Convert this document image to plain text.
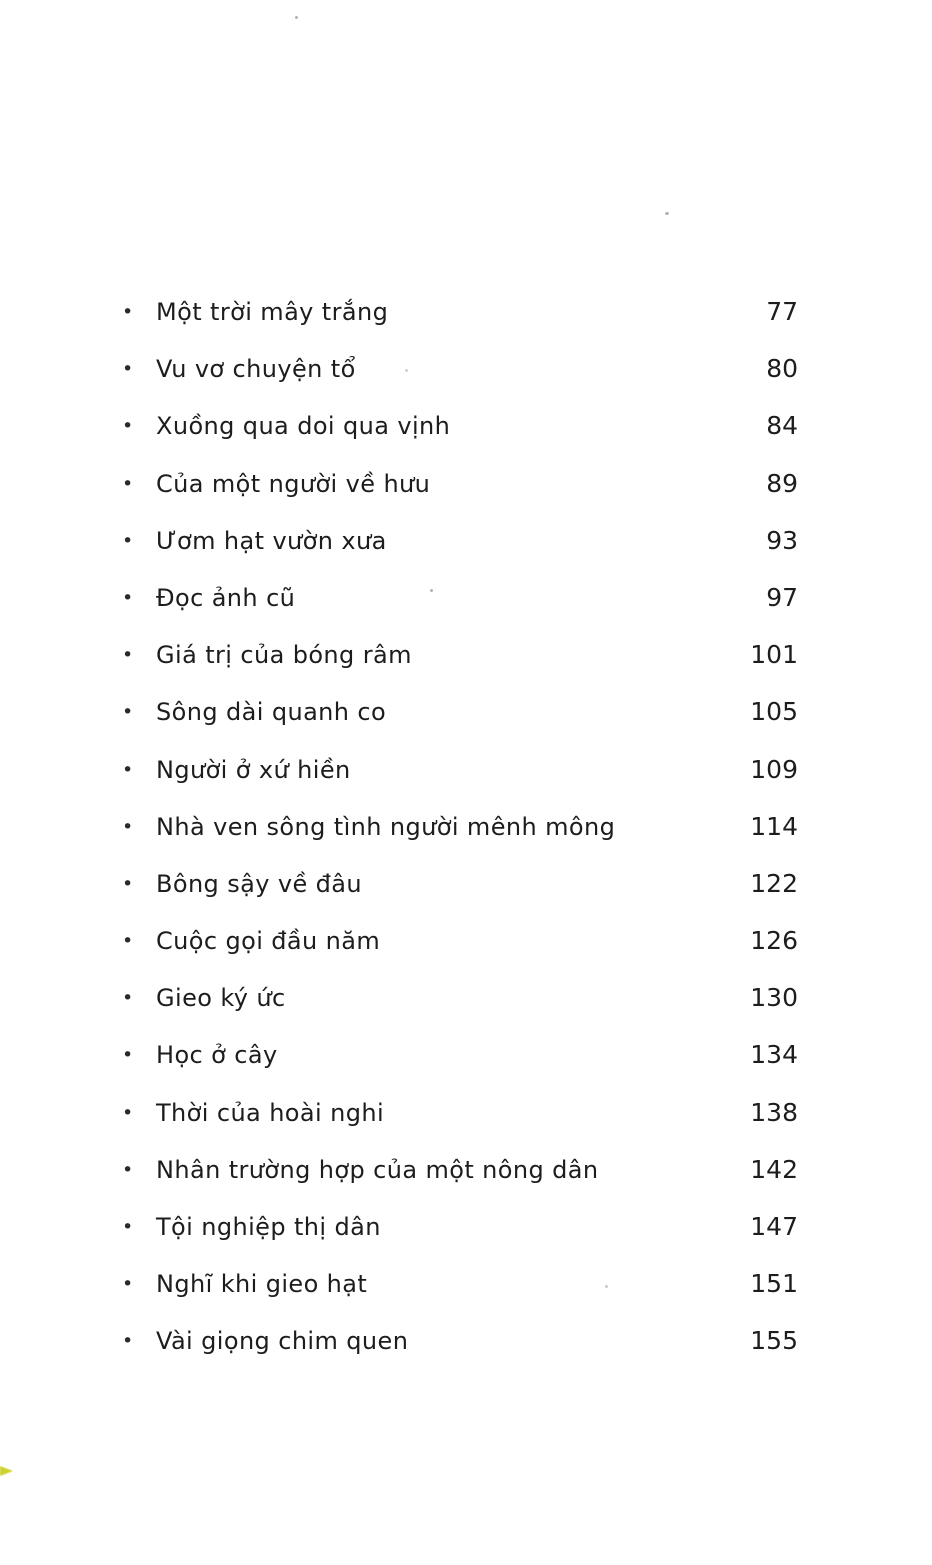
• Một trời mây trắng	77
• Vu vơ chuyện tổ	80
• Xuồng qua doi qua vịnh	84
• Của một người về hưu	89
• Ươm hạt vườn xưa	93
• Đọc ảnh cũ	97
• Giá trị của bóng râm	101
• Sông dài quanh co	105
• Người ở xứ hiền	109
• Nhà ven sông tình người mênh mông	114
• Bông sậy về đâu	122
• Cuộc gọi đầu năm	126
• Gieo ký ức	130
• Học ở cây	134
• Thời của hoài nghi	138
• Nhân trường hợp của một nông dân	142
• Tội nghiệp thị dân	147
• Nghĩ khi gieo hạt	151
• Vài giọng chim quen	155
